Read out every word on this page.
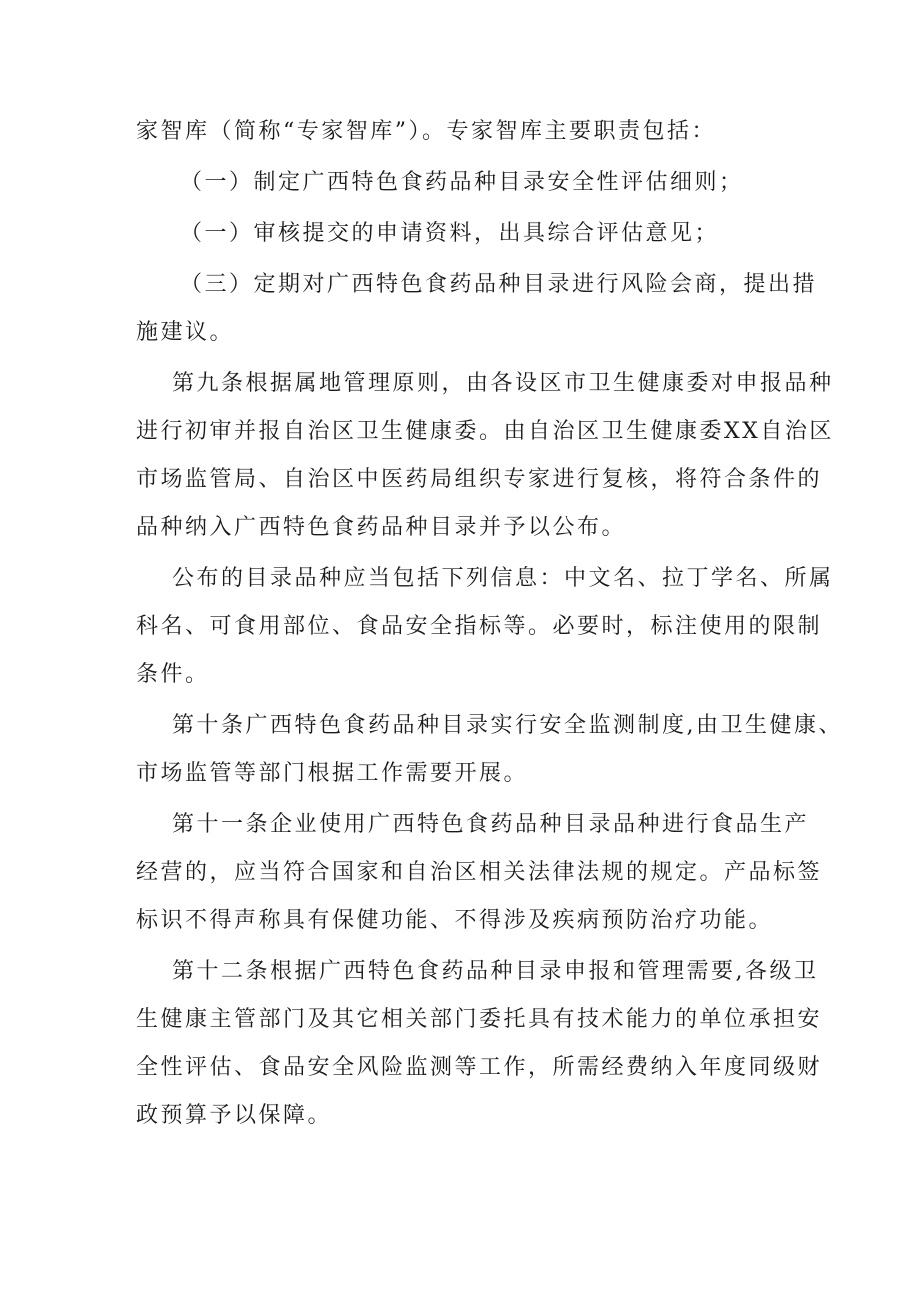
家智库（简称“专家智库”）。专家智库主要职责包括：
（一）制定广西特色食药品种目录安全性评估细则；
（一）审核提交的申请资料，出具综合评估意见；
（三）定期对广西特色食药品种目录进行风险会商，提出措
施建议。
第九条根据属地管理原则，由各设区市卫生健康委对申报品种
进行初审并报自治区卫生健康委。由自治区卫生健康委XX自治区
市场监管局、自治区中医药局组织专家进行复核，将符合条件的
品种纳入广西特色食药品种目录并予以公布。
公布的目录品种应当包括下列信息：中文名、拉丁学名、所属
科名、可食用部位、食品安全指标等。必要时，标注使用的限制
条件。
第十条广西特色食药品种目录实行安全监测制度,由卫生健康、
市场监管等部门根据工作需要开展。
第十一条企业使用广西特色食药品种目录品种进行食品生产
经营的，应当符合国家和自治区相关法律法规的规定。产品标签
标识不得声称具有保健功能、不得涉及疾病预防治疗功能。
第十二条根据广西特色食药品种目录申报和管理需要,各级卫
生健康主管部门及其它相关部门委托具有技术能力的单位承担安
全性评估、食品安全风险监测等工作，所需经费纳入年度同级财
政预算予以保障。
